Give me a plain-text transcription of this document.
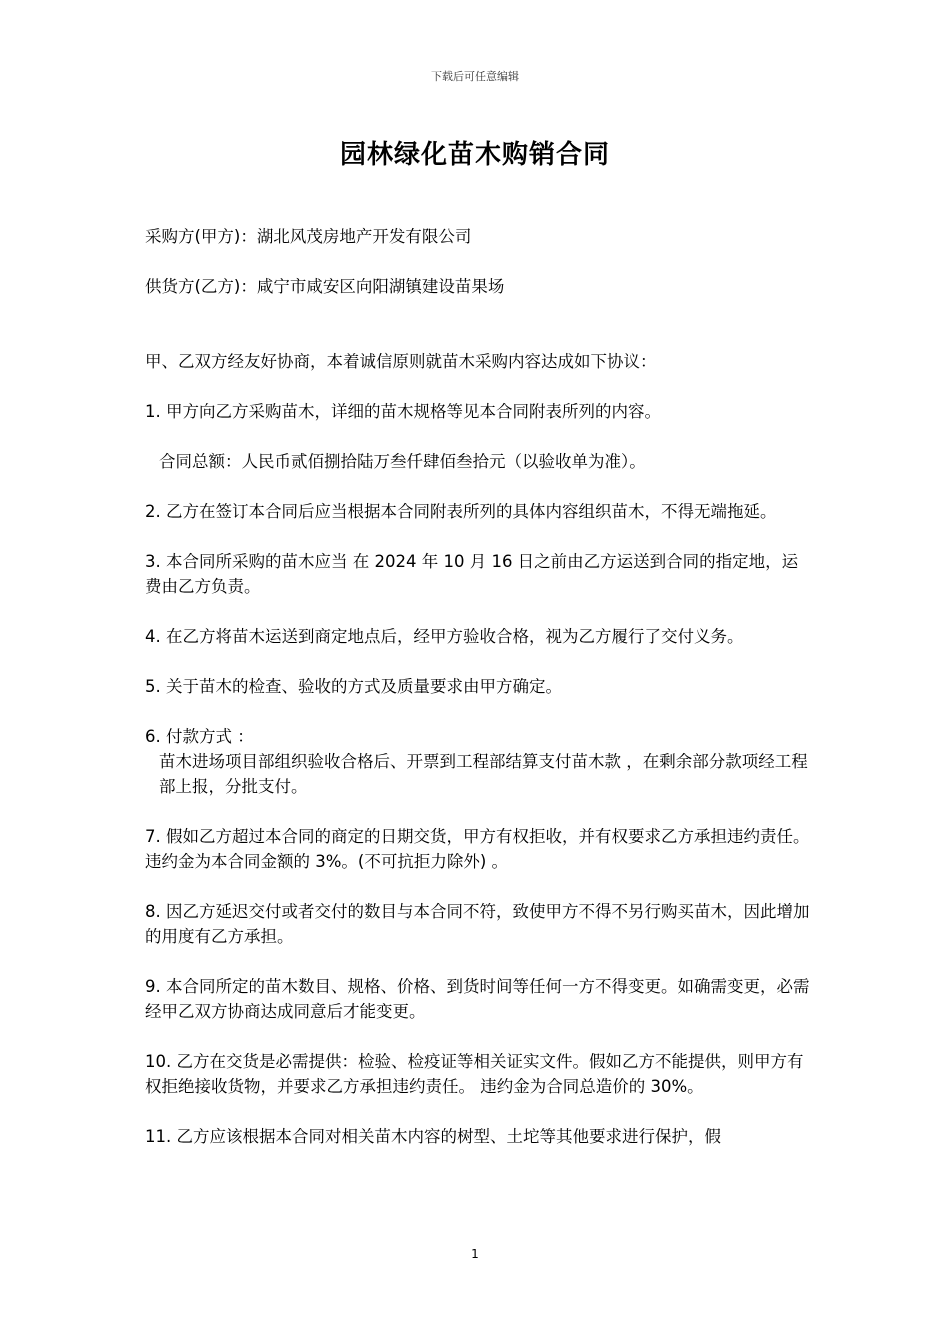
下载后可任意编辑
园林绿化苗木购销合同

采购方(甲方)：湖北风茂房地产开发有限公司

供货方(乙方)：咸宁市咸安区向阳湖镇建设苗果场

甲、乙双方经友好协商，本着诚信原则就苗木采购内容达成如下协议：

1. 甲方向乙方采购苗木，详细的苗木规格等见本合同附表所列的内容。

合同总额：人民币贰佰捌拾陆万叁仟肆佰叁拾元（以验收单为准）。

2. 乙方在签订本合同后应当根据本合同附表所列的具体内容组织苗木，不得无端拖延。

3. 本合同所采购的苗木应当 在 2024 年 10 月 16 日之前由乙方运送到合同的指定地，运费由乙方负责。

4. 在乙方将苗木运送到商定地点后，经甲方验收合格，视为乙方履行了交付义务。

5. 关于苗木的检查、验收的方式及质量要求由甲方确定。

6. 付款方式 ：

苗木进场项目部组织验收合格后、开票到工程部结算支付苗木款 ，在剩余部分款项经工程部上报，分批支付。

7. 假如乙方超过本合同的商定的日期交货，甲方有权拒收，并有权要求乙方承担违约责任。违约金为本合同金额的 3%。(不可抗拒力除外) 。

8. 因乙方延迟交付或者交付的数目与本合同不符，致使甲方不得不另行购买苗木，因此增加的用度有乙方承担。

9. 本合同所定的苗木数目、规格、价格、到货时间等任何一方不得变更。如确需变更，必需经甲乙双方协商达成同意后才能变更。

10. 乙方在交货是必需提供：检验、检疫证等相关证实文件。假如乙方不能提供，则甲方有权拒绝接收货物，并要求乙方承担违约责任。 违约金为合同总造价的 30%。

11. 乙方应该根据本合同对相关苗木内容的树型、土坨等其他要求进行保护，假

1
